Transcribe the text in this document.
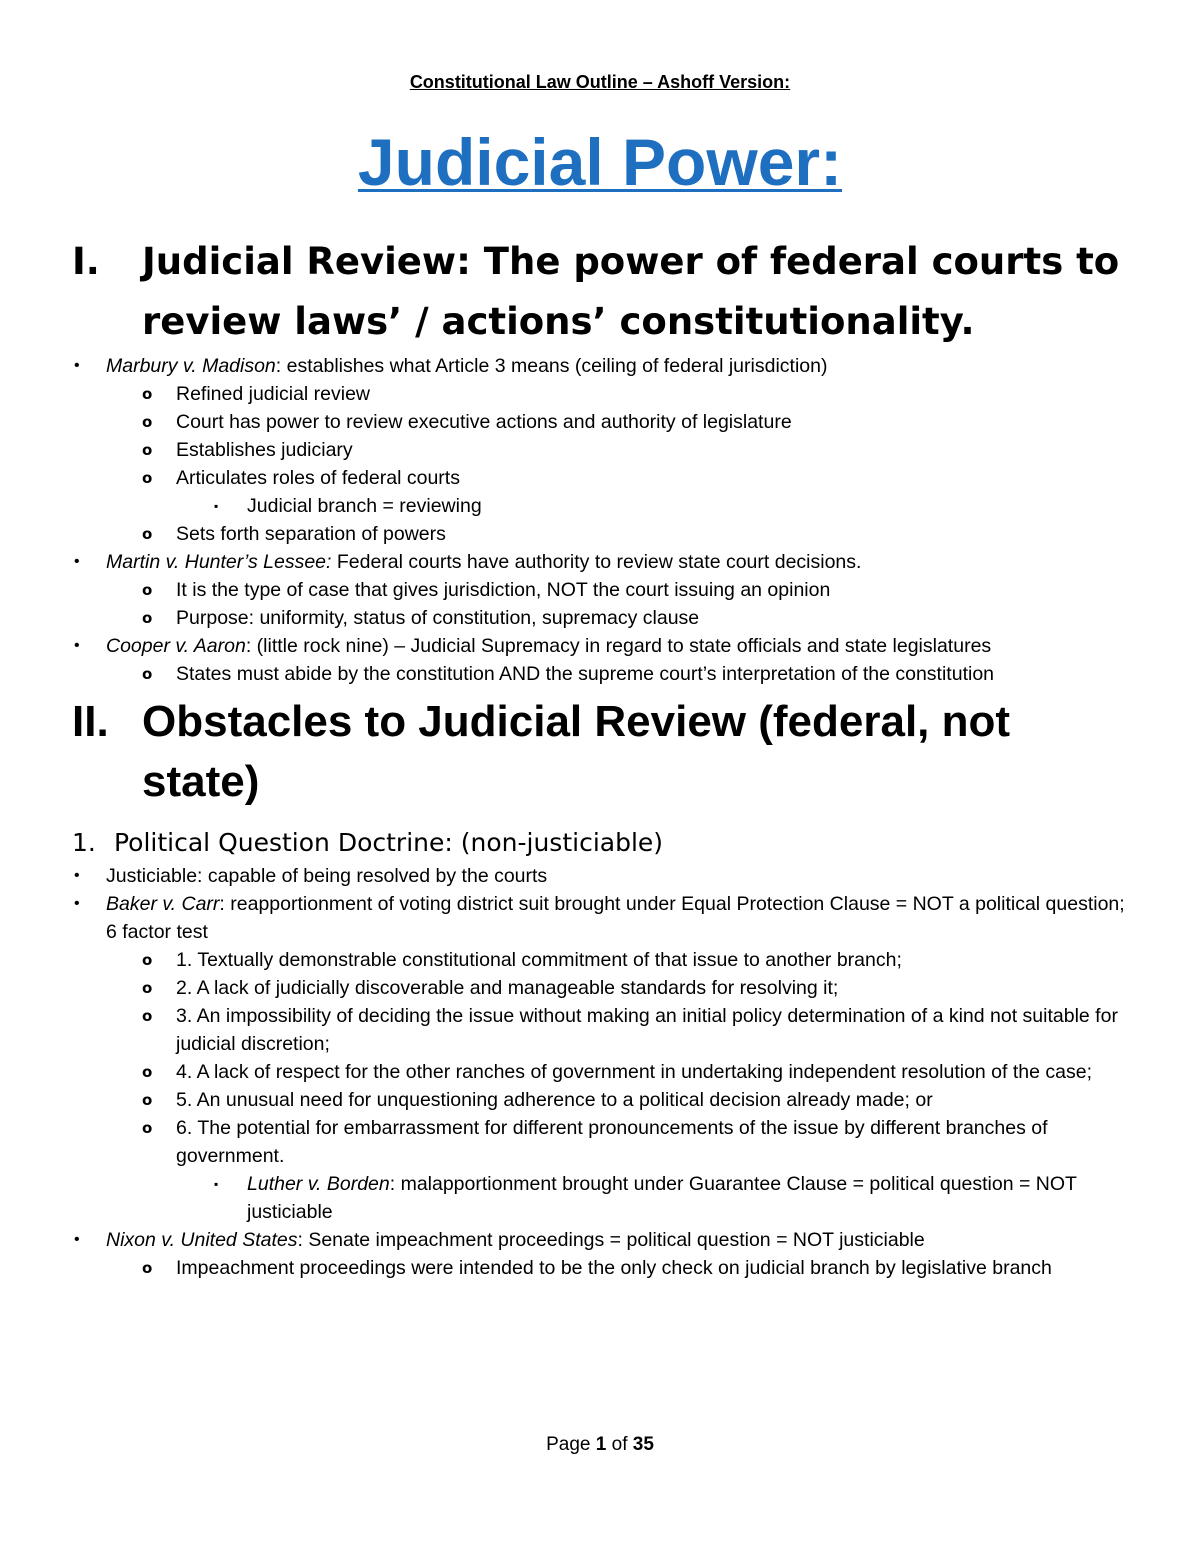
Constitutional Law Outline – Ashoff Version:
Judicial Power:
I. Judicial Review: The power of federal courts to review laws’ / actions’ constitutionality.
• Marbury v. Madison: establishes what Article 3 means (ceiling of federal jurisdiction)
o Refined judicial review
o Court has power to review executive actions and authority of legislature
o Establishes judiciary
o Articulates roles of federal courts
▪ Judicial branch = reviewing
o Sets forth separation of powers
• Martin v. Hunter’s Lessee: Federal courts have authority to review state court decisions.
o It is the type of case that gives jurisdiction, NOT the court issuing an opinion
o Purpose: uniformity, status of constitution, supremacy clause
• Cooper v. Aaron: (little rock nine) – Judicial Supremacy in regard to state officials and state legislatures
o States must abide by the constitution AND the supreme court’s interpretation of the constitution
II. Obstacles to Judicial Review (federal, not state)
1. Political Question Doctrine: (non-justiciable)
• Justiciable: capable of being resolved by the courts
• Baker v. Carr: reapportionment of voting district suit brought under Equal Protection Clause = NOT a political question; 6 factor test
o 1. Textually demonstrable constitutional commitment of that issue to another branch;
o 2. A lack of judicially discoverable and manageable standards for resolving it;
o 3. An impossibility of deciding the issue without making an initial policy determination of a kind not suitable for judicial discretion;
o 4. A lack of respect for the other ranches of government in undertaking independent resolution of the case;
o 5. An unusual need for unquestioning adherence to a political decision already made; or
o 6. The potential for embarrassment for different pronouncements of the issue by different branches of government.
▪ Luther v. Borden: malapportionment brought under Guarantee Clause = political question = NOT justiciable
• Nixon v. United States: Senate impeachment proceedings = political question = NOT justiciable
o Impeachment proceedings were intended to be the only check on judicial branch by legislative branch
Page 1 of 35
